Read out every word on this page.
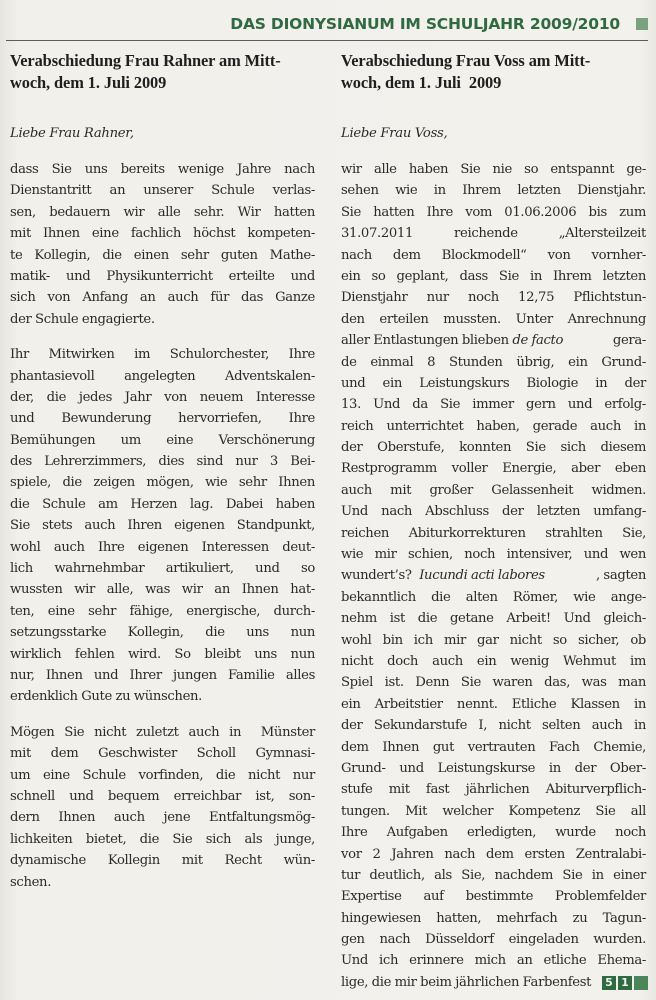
DAS DIONYSIANUM IM SCHULJAHR 2009/2010
Verabschiedung Frau Rahner am Mitt-
woch, dem 1. Juli 2009

Liebe Frau Rahner,

dass Sie uns bereits wenige Jahre nach
Dienstantritt an unserer Schule verlas-
sen, bedauern wir alle sehr. Wir hatten
mit Ihnen eine fachlich höchst kompeten-
te Kollegin, die einen sehr guten Mathe-
matik- und Physikunterricht erteilte und
sich von Anfang an auch für das Ganze
der Schule engagierte.
Ihr Mitwirken im Schulorchester, Ihre
phantasievoll angelegten Adventskalen-
der, die jedes Jahr von neuem Interesse
und Bewunderung hervorriefen, Ihre
Bemühungen um eine Verschönerung
des Lehrerzimmers, dies sind nur 3 Bei-
spiele, die zeigen mögen, wie sehr Ihnen
die Schule am Herzen lag. Dabei haben
Sie stets auch Ihren eigenen Standpunkt,
wohl auch Ihre eigenen Interessen deut-
lich wahrnehmbar artikuliert, und so
wussten wir alle, was wir an Ihnen hat-
ten, eine sehr fähige, energische, durch-
setzungsstarke Kollegin, die uns nun
wirklich fehlen wird. So bleibt uns nun
nur, Ihnen und Ihrer jungen Familie alles
erdenklich Gute zu wünschen.
Mögen Sie nicht zuletzt auch in  Münster
mit dem Geschwister Scholl Gymnasi-
um eine Schule vorfinden, die nicht nur
schnell und bequem erreichbar ist, son-
dern Ihnen auch jene Entfaltungsmög-
lichkeiten bietet, die Sie sich als junge,
dynamische Kollegin mit Recht wün-
schen.
Verabschiedung Frau Voss am Mitt-
woch, dem 1. Juli  2009

Liebe Frau Voss,

wir alle haben Sie nie so entspannt ge-
sehen wie in Ihrem letzten Dienstjahr.
Sie hatten Ihre vom 01.06.2006 bis zum
31.07.2011 reichende „Altersteilzeit
nach dem Blockmodell“ von vornher-
ein so geplant, dass Sie in Ihrem letzten
Dienstjahr nur noch 12,75 Pflichtstun-
den erteilen mussten. Unter Anrechnung
aller Entlastungen blieben de facto	gera-
de einmal 8 Stunden übrig, ein Grund-
und ein Leistungskurs Biologie in der
13. Und da Sie immer gern und erfolg-
reich unterrichtet haben, gerade auch in
der Oberstufe, konnten Sie sich diesem
Restprogramm voller Energie, aber eben
auch mit großer Gelassenheit widmen.
Und nach Abschluss der letzten umfang-
reichen Abiturkorrekturen strahlten Sie,
wie mir schien, noch intensiver, und wen
wundert’s? Iucundi acti labores	, sagten
bekanntlich die alten Römer, wie ange-
nehm ist die getane Arbeit! Und gleich-
wohl bin ich mir gar nicht so sicher, ob
nicht doch auch ein wenig Wehmut im
Spiel ist. Denn Sie waren das, was man
ein Arbeitstier nennt. Etliche Klassen in
der Sekundarstufe I, nicht selten auch in
dem Ihnen gut vertrauten Fach Chemie,
Grund- und Leistungskurse in der Ober-
stufe mit fast jährlichen Abiturverpflich-
tungen. Mit welcher Kompetenz Sie all
Ihre Aufgaben erledigten, wurde noch
vor 2 Jahren nach dem ersten Zentralabi-
tur deutlich, als Sie, nachdem Sie in einer
Expertise auf bestimmte Problemfelder
hingewiesen hatten, mehrfach zu Tagun-
gen nach Düsseldorf eingeladen wurden.
Und ich erinnere mich an etliche Ehema-
lige, die mir beim jährlichen Farbenfest	5 1
